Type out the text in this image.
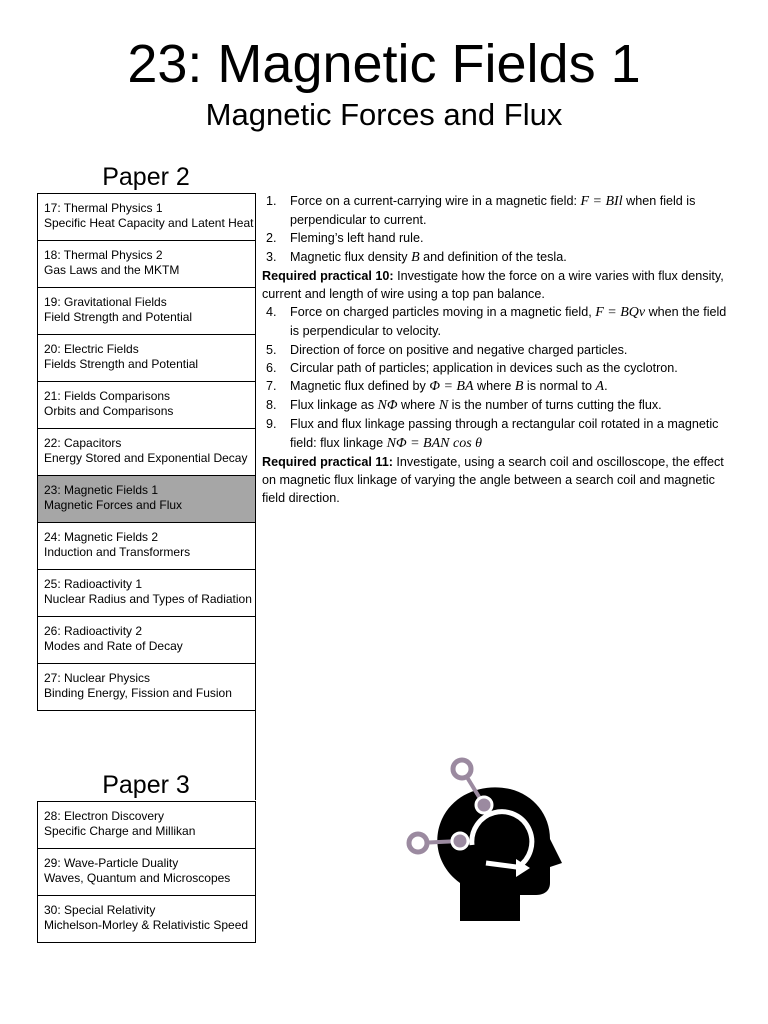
23: Magnetic Fields 1
Magnetic Forces and Flux
Paper 2
17: Thermal Physics 1
Specific Heat Capacity and Latent Heat
18: Thermal Physics 2
Gas Laws and the MKTM
19: Gravitational Fields
Field Strength and Potential
20: Electric Fields
Fields Strength and Potential
21: Fields Comparisons
Orbits and Comparisons
22: Capacitors
Energy Stored and Exponential Decay
23: Magnetic Fields 1
Magnetic Forces and Flux
24: Magnetic Fields 2
Induction and Transformers
25: Radioactivity 1
Nuclear Radius and Types of Radiation
26: Radioactivity 2
Modes and Rate of Decay
27: Nuclear Physics
Binding Energy, Fission and Fusion
Paper 3
28: Electron Discovery
Specific Charge and Millikan
29: Wave-Particle Duality
Waves, Quantum and Microscopes
30: Special Relativity
Michelson-Morley & Relativistic Speed
1. Force on a current-carrying wire in a magnetic field: F = BIl when field is perpendicular to current.
2. Fleming’s left hand rule.
3. Magnetic flux density B and definition of the tesla.
Required practical 10: Investigate how the force on a wire varies with flux density, current and length of wire using a top pan balance.
4. Force on charged particles moving in a magnetic field, F = BQv when the field is perpendicular to velocity.
5. Direction of force on positive and negative charged particles.
6. Circular path of particles; application in devices such as the cyclotron.
7. Magnetic flux defined by Φ = BA where B is normal to A.
8. Flux linkage as NΦ where N is the number of turns cutting the flux.
9. Flux and flux linkage passing through a rectangular coil rotated in a magnetic field: flux linkage NΦ = BAN cos θ
Required practical 11: Investigate, using a search coil and oscilloscope, the effect on magnetic flux linkage of varying the angle between a search coil and magnetic field direction.
